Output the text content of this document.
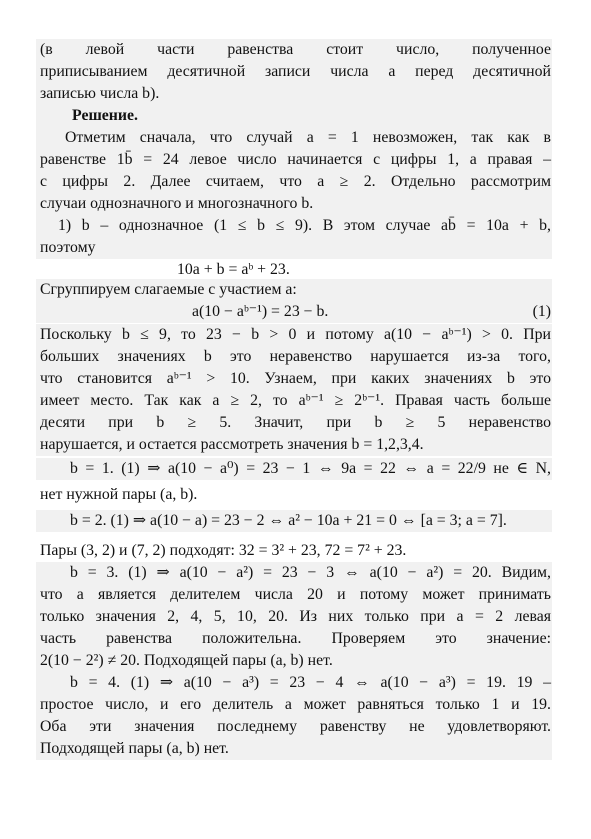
(в левой части равенства стоит число, полученное
приписыванием десятичной записи числа a перед десятичной
записью числа b).
Решение.
Отметим сначала, что случай a = 1 невозможен, так как в
равенстве 1b̄ = 24 левое число начинается с цифры 1, а правая –
с цифры 2. Далее считаем, что a ≥ 2. Отдельно рассмотрим
случаи однозначного и многозначного b.
1) b – однозначное (1 ≤ b ≤ 9). В этом случае ab̄ = 10a + b,
поэтому
10a + b = aᵇ + 23.
Сгруппируем слагаемые с участием a:
a(10 − aᵇ⁻¹) = 23 − b.	(1)
Поскольку b ≤ 9, то 23 − b > 0 и потому a(10 − aᵇ⁻¹) > 0. При
больших значениях b это неравенство нарушается из-за того,
что становится aᵇ⁻¹ > 10. Узнаем, при каких значениях b это
имеет место. Так как a ≥ 2, то aᵇ⁻¹ ≥ 2ᵇ⁻¹. Правая часть больше
десяти при b ≥ 5. Значит, при b ≥ 5 неравенство
нарушается, и остается рассмотреть значения b = 1,2,3,4.
b = 1. (1) ⇒ a(10 − a⁰) = 23 − 1 ⇔ 9a = 22 ⇔ a = 22/9 не ∈ N,
нет нужной пары (a, b).
b = 2. (1) ⇒ a(10 − a) = 23 − 2 ⇔ a² − 10a + 21 = 0 ⇔ [a = 3; a = 7].
Пары (3, 2) и (7, 2) подходят: 32 = 3² + 23, 72 = 7² + 23.
b = 3. (1) ⇒ a(10 − a²) = 23 − 3 ⇔ a(10 − a²) = 20. Видим,
что a является делителем числа 20 и потому может принимать
только значения 2, 4, 5, 10, 20. Из них только при a = 2 левая
часть равенства положительна. Проверяем это значение:
2(10 − 2²) ≠ 20. Подходящей пары (a, b) нет.
b = 4. (1) ⇒ a(10 − a³) = 23 − 4 ⇔ a(10 − a³) = 19. 19 –
простое число, и его делитель a может равняться только 1 и 19.
Оба эти значения последнему равенству не удовлетворяют.
Подходящей пары (a, b) нет.
